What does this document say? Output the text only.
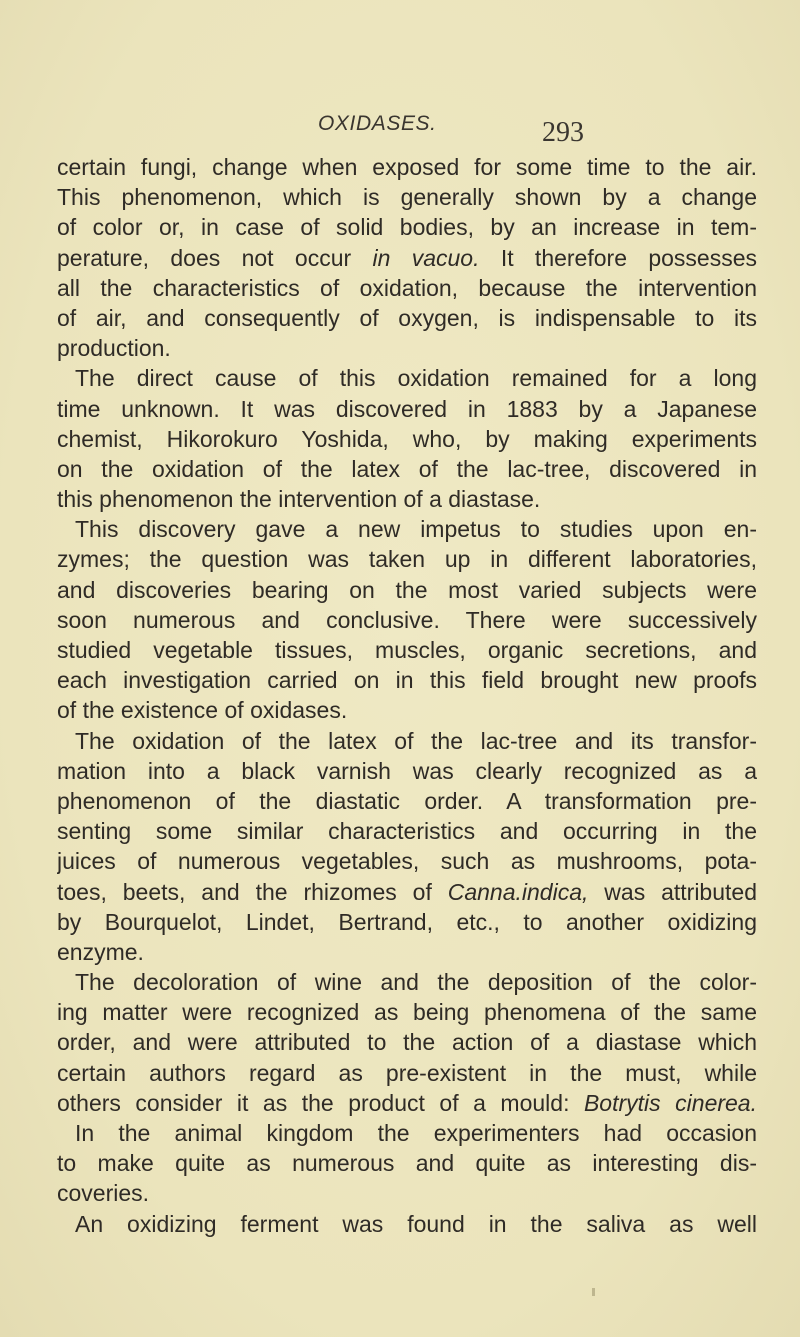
OXIDASES.	293
certain fungi, change when exposed for some time to the air.
This phenomenon, which is generally shown by a change
of color or, in case of solid bodies, by an increase in tem-
perature, does not occur in vacuo. It therefore possesses
all the characteristics of oxidation, because the intervention
of air, and consequently of oxygen, is indispensable to its
production.
The direct cause of this oxidation remained for a long
time unknown. It was discovered in 1883 by a Japanese
chemist, Hikorokuro Yoshida, who, by making experiments
on the oxidation of the latex of the lac-tree, discovered in
this phenomenon the intervention of a diastase.
This discovery gave a new impetus to studies upon en-
zymes; the question was taken up in different laboratories,
and discoveries bearing on the most varied subjects were
soon numerous and conclusive. There were successively
studied vegetable tissues, muscles, organic secretions, and
each investigation carried on in this field brought new proofs
of the existence of oxidases.
The oxidation of the latex of the lac-tree and its transfor-
mation into a black varnish was clearly recognized as a
phenomenon of the diastatic order. A transformation pre-
senting some similar characteristics and occurring in the
juices of numerous vegetables, such as mushrooms, pota-
toes, beets, and the rhizomes of Canna.indica, was attributed
by Bourquelot, Lindet, Bertrand, etc., to another oxidizing
enzyme.
The decoloration of wine and the deposition of the color-
ing matter were recognized as being phenomena of the same
order, and were attributed to the action of a diastase which
certain authors regard as pre-existent in the must, while
others consider it as the product of a mould: Botrytis cinerea.
In the animal kingdom the experimenters had occasion
to make quite as numerous and quite as interesting dis-
coveries.
An oxidizing ferment was found in the saliva as well
